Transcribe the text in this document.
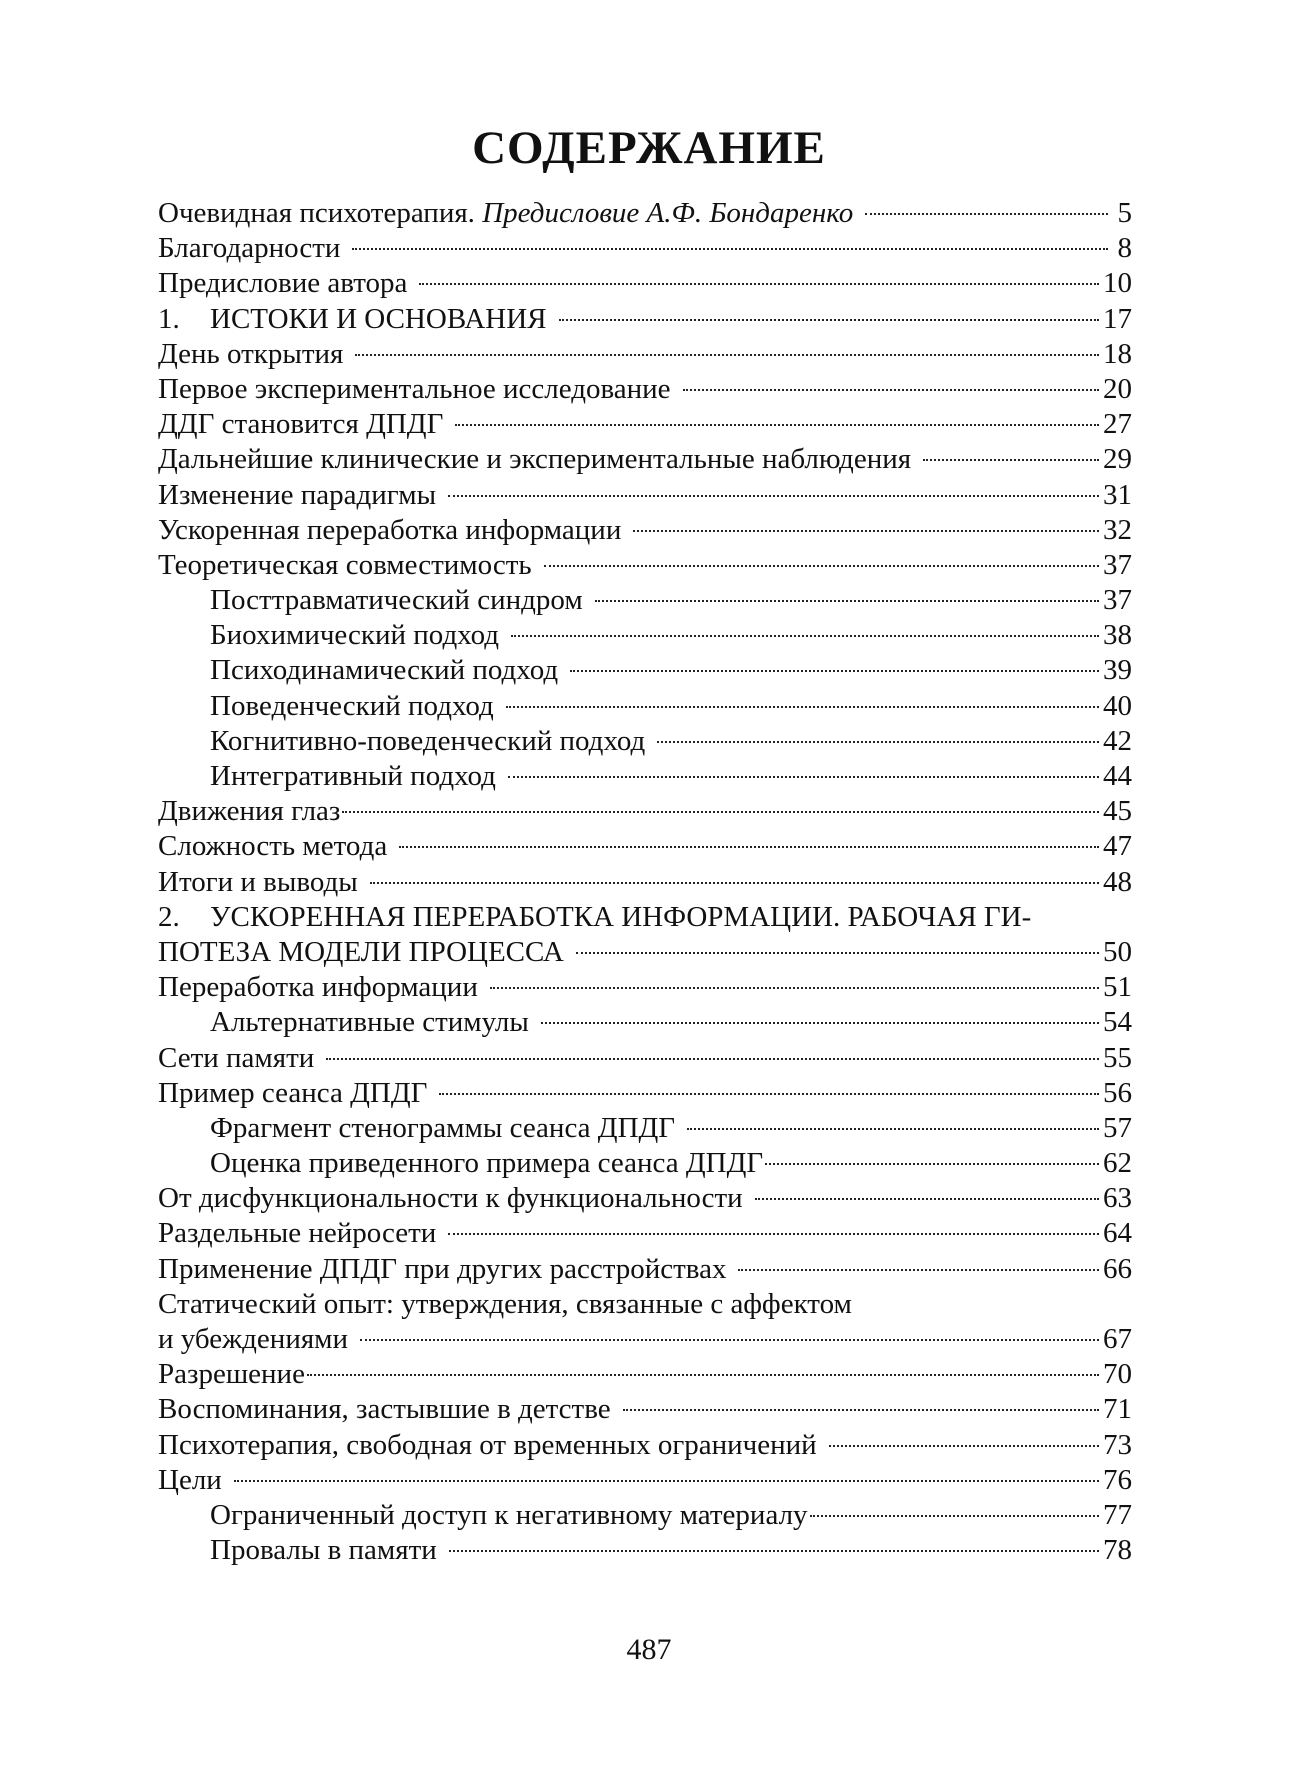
СОДЕРЖАНИЕ
Очевидная психотерапия. Предисловие А.Ф. Бондаренко	5
Благодарности	8
Предисловие автора	10
1. ИСТОКИ И ОСНОВАНИЯ	17
День открытия	18
Первое экспериментальное исследование	20
ДДГ становится ДПДГ	27
Дальнейшие клинические и экспериментальные наблюдения	29
Изменение парадигмы	31
Ускоренная переработка информации	32
Теоретическая совместимость	37
Посттравматический синдром	37
Биохимический подход	38
Психодинамический подход	39
Поведенческий подход	40
Когнитивно-поведенческий подход	42
Интегративный подход	44
Движения глаз	45
Сложность метода	47
Итоги и выводы	48
2. УСКОРЕННАЯ ПЕРЕРАБОТКА ИНФОРМАЦИИ. РАБОЧАЯ ГИ-
ПОТЕЗА МОДЕЛИ ПРОЦЕССА	50
Переработка информации	51
Альтернативные стимулы	54
Сети памяти	55
Пример сеанса ДПДГ	56
Фрагмент стенограммы сеанса ДПДГ	57
Оценка приведенного примера сеанса ДПДГ	62
От дисфункциональности к функциональности	63
Раздельные нейросети	64
Применение ДПДГ при других расстройствах	66
Статический опыт: утверждения, связанные с аффектом
и убеждениями	67
Разрешение	70
Воспоминания, застывшие в детстве	71
Психотерапия, свободная от временных ограничений	73
Цели	76
Ограниченный доступ к негативному материалу	77
Провалы в памяти	78
487
